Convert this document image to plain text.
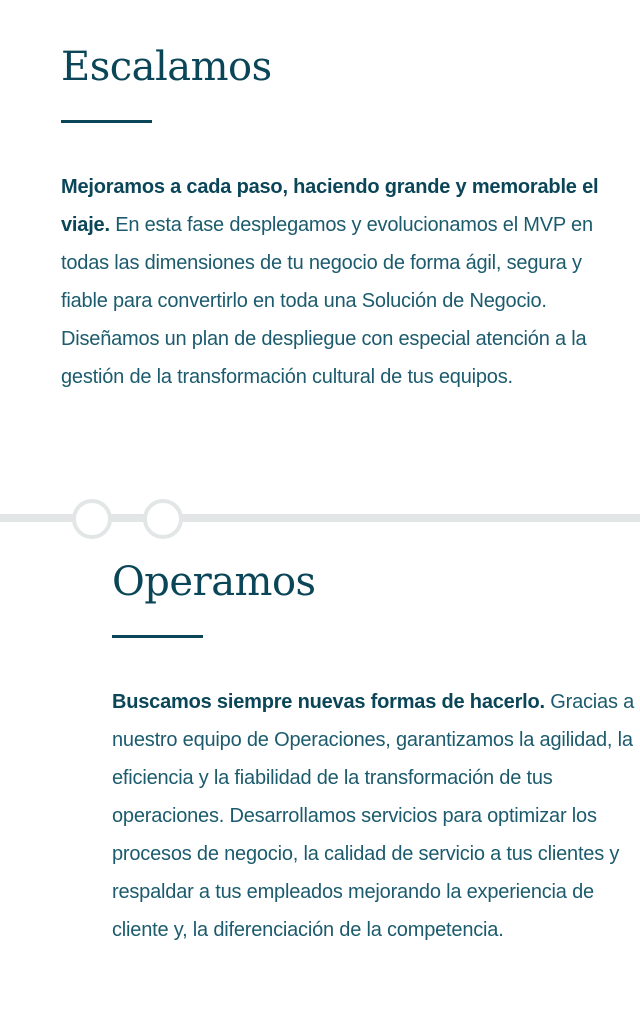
Escalamos

Mejoramos a cada paso, haciendo grande y memorable el viaje. En esta fase desplegamos y evolucionamos el MVP en todas las dimensiones de tu negocio de forma ágil, segura y fiable para convertirlo en toda una Solución de Negocio. Diseñamos un plan de despliegue con especial atención a la gestión de la transformación cultural de tus equipos.

Operamos

Buscamos siempre nuevas formas de hacerlo. Gracias a nuestro equipo de Operaciones, garantizamos la agilidad, la eficiencia y la fiabilidad de la transformación de tus operaciones. Desarrollamos servicios para optimizar los procesos de negocio, la calidad de servicio a tus clientes y respaldar a tus empleados mejorando la experiencia de cliente y, la diferenciación de la competencia.
